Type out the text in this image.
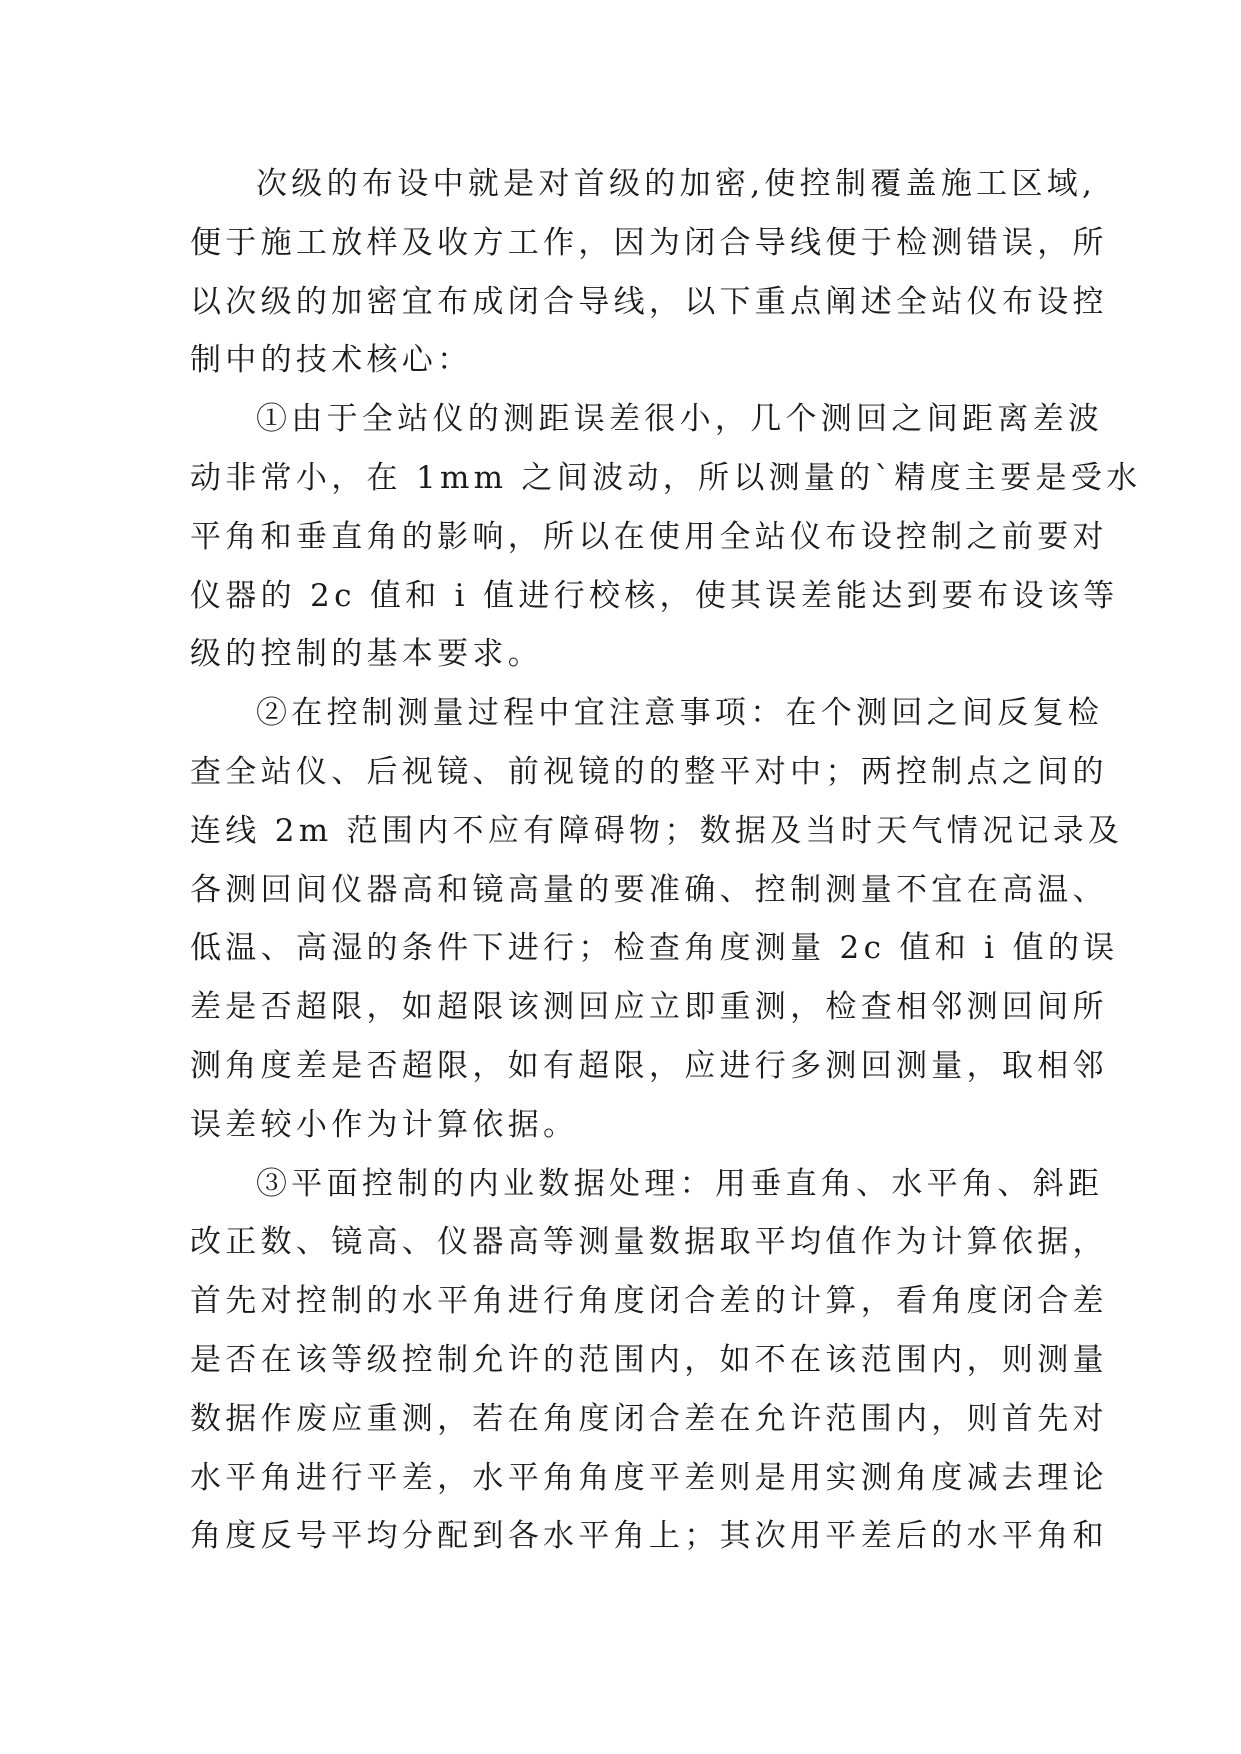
次级的布设中就是对首级的加密,使控制覆盖施工区域,
便于施工放样及收方工作，因为闭合导线便于检测错误，所
以次级的加密宜布成闭合导线，以下重点阐述全站仪布设控
制中的技术核心：
①由于全站仪的测距误差很小，几个测回之间距离差波
动非常小，在 1mm 之间波动，所以测量的`精度主要是受水
平角和垂直角的影响，所以在使用全站仪布设控制之前要对
仪器的 2c 值和 i 值进行校核，使其误差能达到要布设该等
级的控制的基本要求。
②在控制测量过程中宜注意事项：在个测回之间反复检
查全站仪、后视镜、前视镜的的整平对中；两控制点之间的
连线 2m 范围内不应有障碍物；数据及当时天气情况记录及
各测回间仪器高和镜高量的要准确、控制测量不宜在高温、
低温、高湿的条件下进行；检查角度测量 2c 值和 i 值的误
差是否超限，如超限该测回应立即重测，检查相邻测回间所
测角度差是否超限，如有超限，应进行多测回测量，取相邻
误差较小作为计算依据。
③平面控制的内业数据处理：用垂直角、水平角、斜距
改正数、镜高、仪器高等测量数据取平均值作为计算依据，
首先对控制的水平角进行角度闭合差的计算，看角度闭合差
是否在该等级控制允许的范围内，如不在该范围内，则测量
数据作废应重测，若在角度闭合差在允许范围内，则首先对
水平角进行平差，水平角角度平差则是用实测角度减去理论
角度反号平均分配到各水平角上；其次用平差后的水平角和
